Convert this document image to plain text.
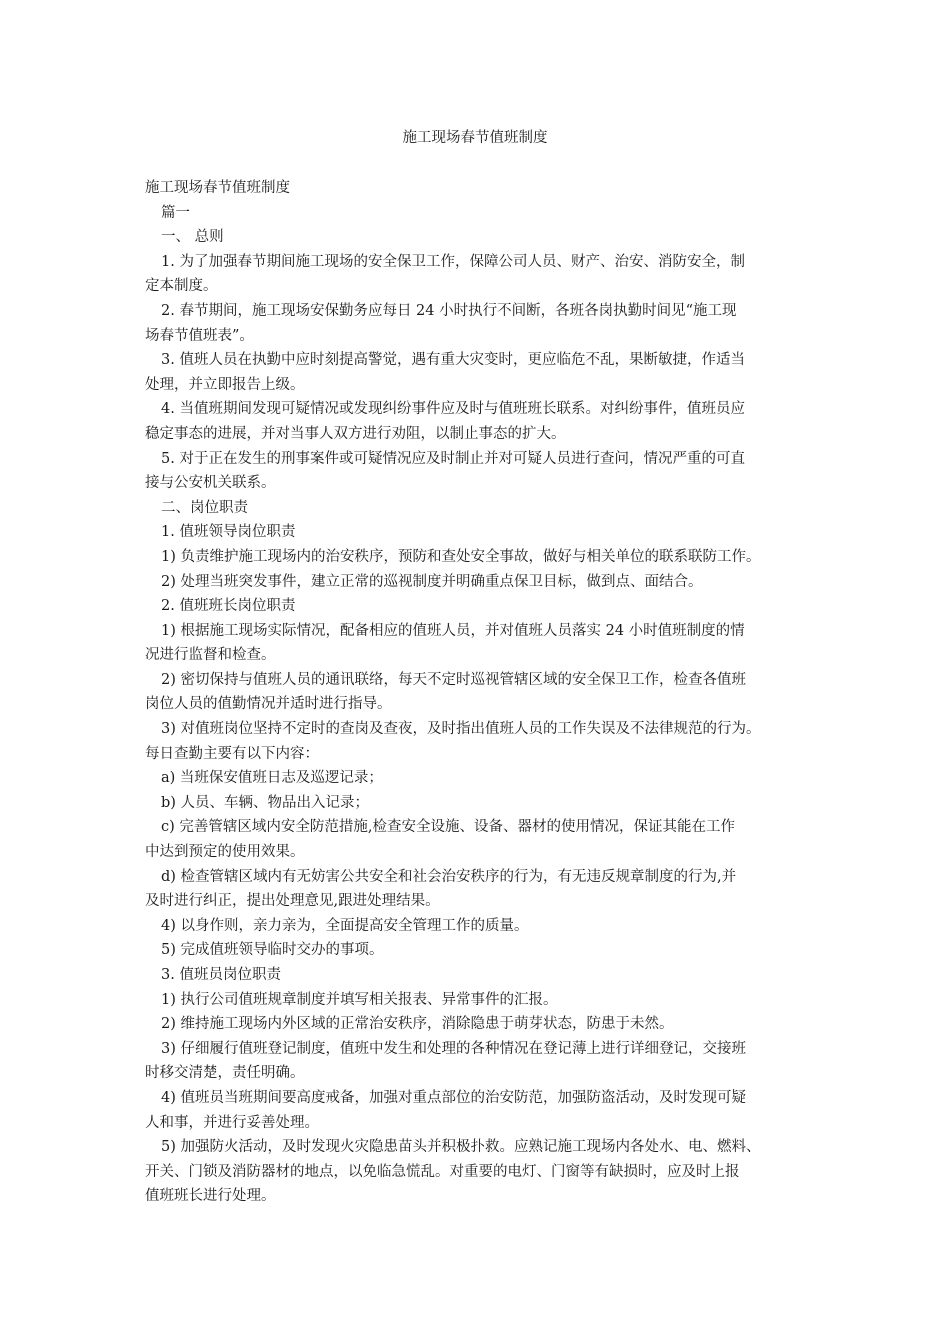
施工现场春节值班制度
施工现场春节值班制度
篇一
一、 总则
1. 为了加强春节期间施工现场的安全保卫工作，保障公司人员、财产、治安、消防安全，制
定本制度。
2. 春节期间，施工现场安保勤务应每日 24 小时执行不间断，各班各岗执勤时间见“施工现
场春节值班表”。
3. 值班人员在执勤中应时刻提高警觉，遇有重大灾变时，更应临危不乱，果断敏捷，作适当
处理，并立即报告上级。
4. 当值班期间发现可疑情况或发现纠纷事件应及时与值班班长联系。对纠纷事件，值班员应
稳定事态的进展，并对当事人双方进行劝阻，以制止事态的扩大。
5. 对于正在发生的刑事案件或可疑情况应及时制止并对可疑人员进行查问，情况严重的可直
接与公安机关联系。
二、岗位职责
1. 值班领导岗位职责
1) 负责维护施工现场内的治安秩序，预防和查处安全事故，做好与相关单位的联系联防工作。
2) 处理当班突发事件，建立正常的巡视制度并明确重点保卫目标，做到点、面结合。
2. 值班班长岗位职责
1) 根据施工现场实际情况，配备相应的值班人员，并对值班人员落实 24 小时值班制度的情
况进行监督和检查。
2) 密切保持与值班人员的通讯联络，每天不定时巡视管辖区域的安全保卫工作，检查各值班
岗位人员的值勤情况并适时进行指导。
3) 对值班岗位坚持不定时的查岗及查夜，及时指出值班人员的工作失误及不法律规范的行为。
每日查勤主要有以下内容：
a) 当班保安值班日志及巡逻记录；
b) 人员、车辆、物品出入记录；
c) 完善管辖区域内安全防范措施,检查安全设施、设备、器材的使用情况，保证其能在工作
中达到预定的使用效果。
d) 检查管辖区域内有无妨害公共安全和社会治安秩序的行为，有无违反规章制度的行为,并
及时进行纠正，提出处理意见,跟进处理结果。
4) 以身作则，亲力亲为，全面提高安全管理工作的质量。
5) 完成值班领导临时交办的事项。
3. 值班员岗位职责
1) 执行公司值班规章制度并填写相关报表、异常事件的汇报。
2) 维持施工现场内外区域的正常治安秩序，消除隐患于萌芽状态，防患于未然。
3) 仔细履行值班登记制度，值班中发生和处理的各种情况在登记薄上进行详细登记，交接班
时移交清楚，责任明确。
4) 值班员当班期间要高度戒备，加强对重点部位的治安防范，加强防盗活动，及时发现可疑
人和事，并进行妥善处理。
5) 加强防火活动，及时发现火灾隐患苗头并积极扑救。应熟记施工现场内各处水、电、燃料、
开关、门锁及消防器材的地点，以免临急慌乱。对重要的电灯、门窗等有缺损时，应及时上报
值班班长进行处理。
